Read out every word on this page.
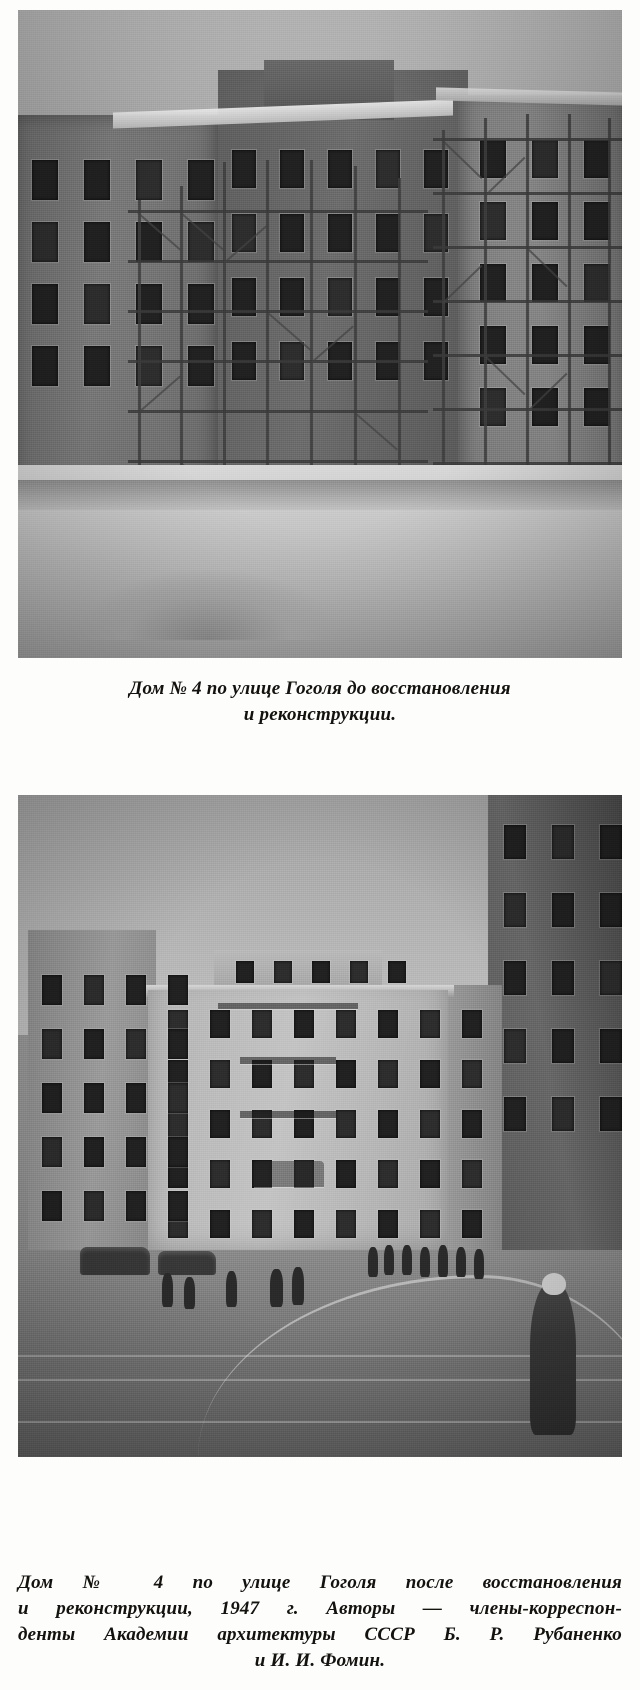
Дом № 4 по улице Гоголя до восстановления
и реконструкции.
Дом № 4 по улице Гоголя после восстановления
и реконструкции, 1947 г. Авторы — члены-корреспон-
денты Академии архитектуры СССР Б. Р. Рубаненко
и И. И. Фомин.
